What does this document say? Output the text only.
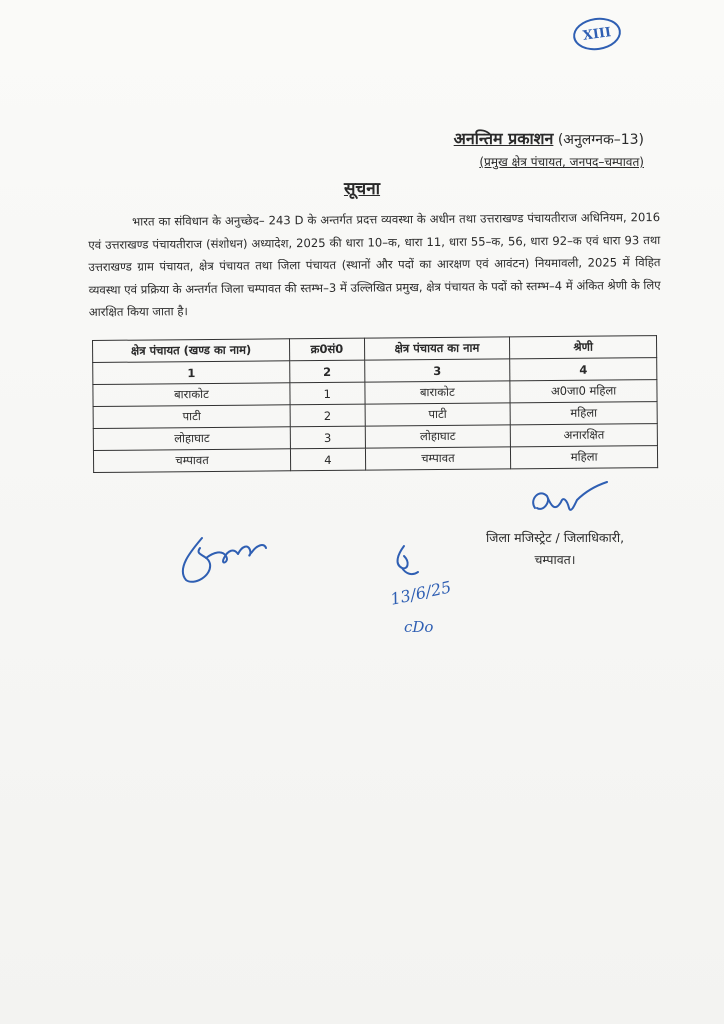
XIII
अनन्तिम प्रकाशन (अनुलग्नक–13)
(प्रमुख क्षेत्र पंचायत, जनपद–चम्पावत)
सूचना
भारत का संविधान के अनुच्छेद– 243 D के अन्तर्गत प्रदत्त व्यवस्था के अधीन तथा उत्तराखण्ड पंचायतीराज अधिनियम, 2016 एवं उत्तराखण्ड पंचायतीराज (संशोधन) अध्यादेश, 2025 की धारा 10–क, धारा 11, धारा 55–क, 56, धारा 92–क एवं धारा 93 तथा उत्तराखण्ड ग्राम पंचायत, क्षेत्र पंचायत तथा जिला पंचायत (स्थानों और पदों का आरक्षण एवं आवंटन) नियमावली, 2025 में विहित व्यवस्था एवं प्रक्रिया के अन्तर्गत जिला चम्पावत की स्तम्भ–3 में उल्लिखित प्रमुख, क्षेत्र पंचायत के पदों को स्तम्भ–4 में अंकित श्रेणी के लिए आरक्षित किया जाता है।
क्षेत्र पंचायत (खण्ड का नाम)	क्र0सं0	क्षेत्र पंचायत का नाम	श्रेणी
1	2	3	4
बाराकोट	1	बाराकोट	अ0जा0 महिला
पाटी	2	पाटी	महिला
लोहाघाट	3	लोहाघाट	अनारक्षित
चम्पावत	4	चम्पावत	महिला
जिला मजिस्ट्रेट / जिलाधिकारी,
चम्पावत।
13/6/25
cDo
